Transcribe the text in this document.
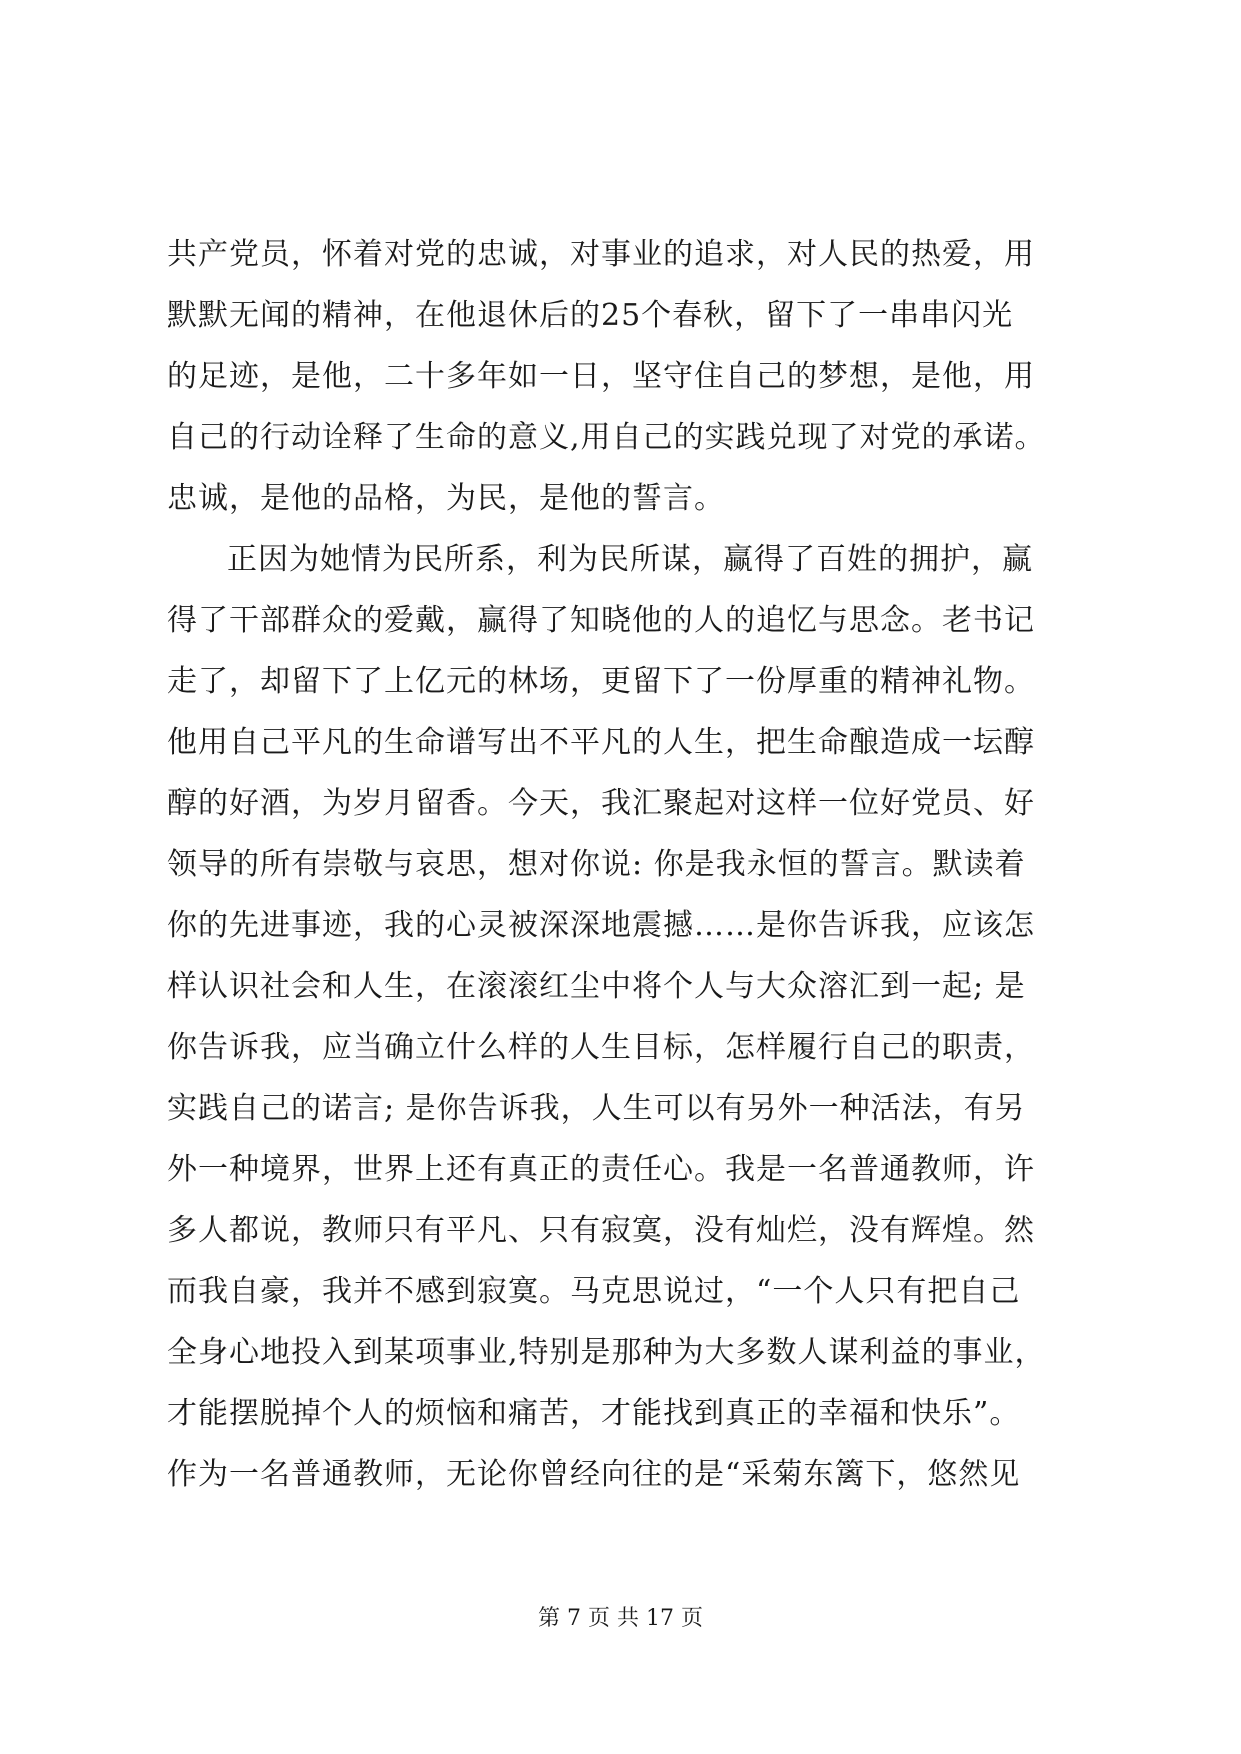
共产党员，怀着对党的忠诚，对事业的追求，对人民的热爱，用
默默无闻的精神，在他退休后的25个春秋，留下了一串串闪光
的足迹，是他，二十多年如一日，坚守住自己的梦想，是他，用
自己的行动诠释了生命的意义,用自己的实践兑现了对党的承诺。
忠诚，是他的品格，为民，是他的誓言。
正因为她情为民所系，利为民所谋，赢得了百姓的拥护，赢
得了干部群众的爱戴，赢得了知晓他的人的追忆与思念。老书记
走了，却留下了上亿元的林场，更留下了一份厚重的精神礼物。
他用自己平凡的生命谱写出不平凡的人生，把生命酿造成一坛醇
醇的好酒，为岁月留香。今天，我汇聚起对这样一位好党员、好
领导的所有崇敬与哀思，想对你说: 你是我永恒的誓言。默读着
你的先进事迹，我的心灵被深深地震撼……是你告诉我，应该怎
样认识社会和人生，在滚滚红尘中将个人与大众溶汇到一起; 是
你告诉我，应当确立什么样的人生目标，怎样履行自己的职责，
实践自己的诺言; 是你告诉我，人生可以有另外一种活法，有另
外一种境界，世界上还有真正的责任心。我是一名普通教师，许
多人都说，教师只有平凡、只有寂寞，没有灿烂，没有辉煌。然
而我自豪，我并不感到寂寞。马克思说过，“一个人只有把自己
全身心地投入到某项事业,特别是那种为大多数人谋利益的事业，
才能摆脱掉个人的烦恼和痛苦，才能找到真正的幸福和快乐”。
作为一名普通教师，无论你曾经向往的是“采菊东篱下，悠然见
第 7 页 共 17 页
